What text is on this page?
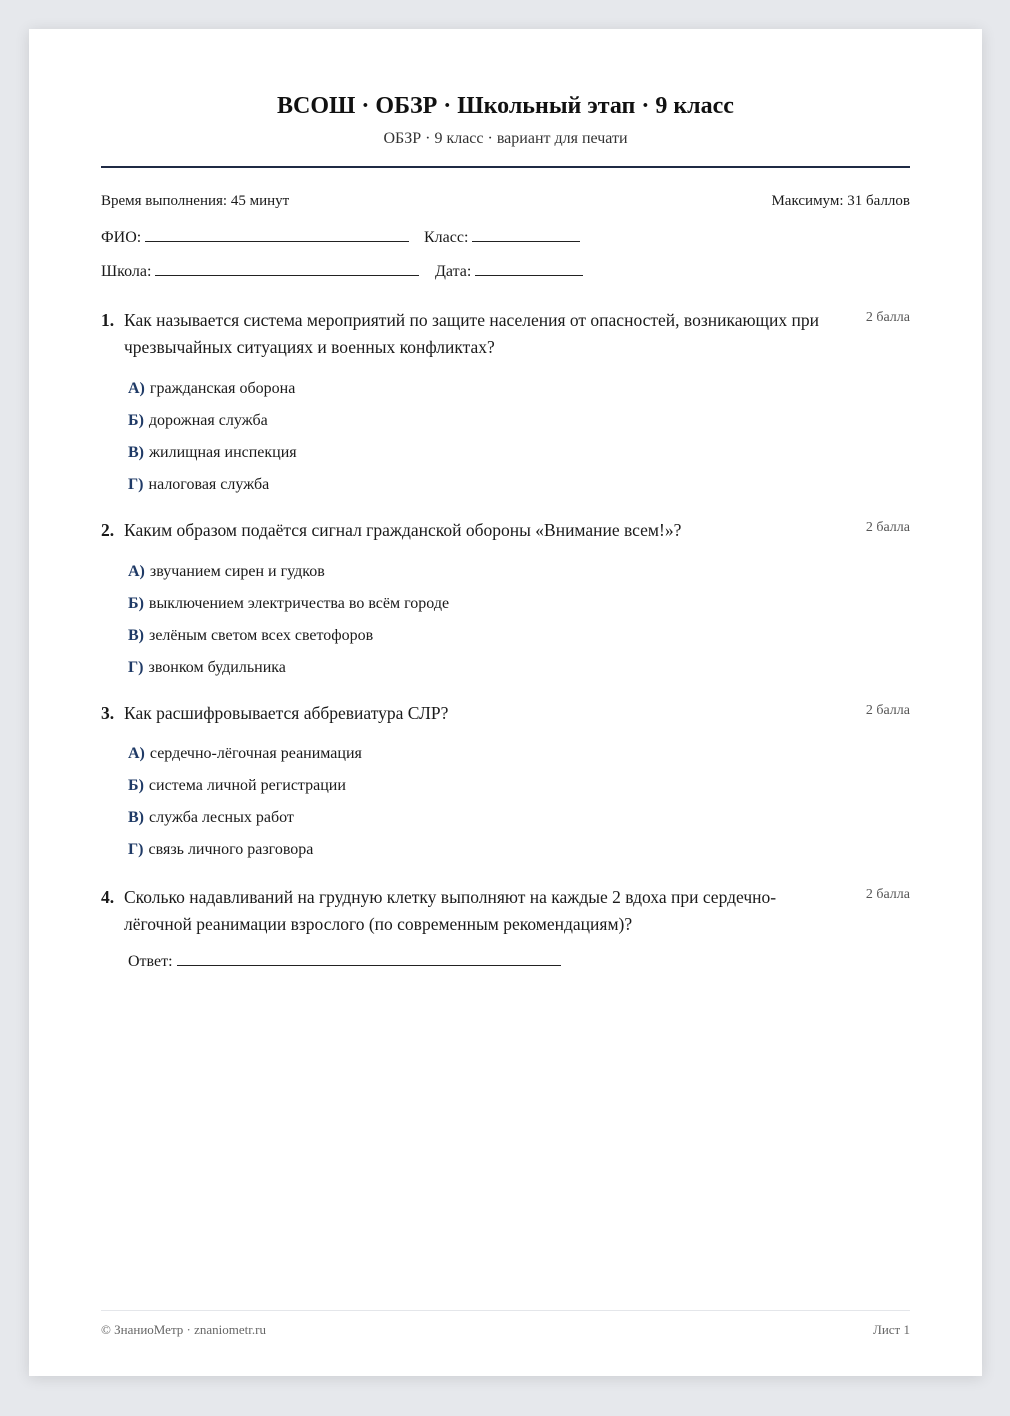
ВСОШ · ОБЗР · Школьный этап · 9 класс
ОБЗР · 9 класс · вариант для печати
Время выполнения: 45 минут	Максимум: 31 баллов
ФИО:	Класс:
Школа:	Дата:
1. Как называется система мероприятий по защите населения от опасностей, возникающих при чрезвычайных ситуациях и военных конфликтах?
2 балла
А) гражданская оборона
Б) дорожная служба
В) жилищная инспекция
Г) налоговая служба
2. Каким образом подаётся сигнал гражданской обороны «Внимание всем!»?	2 балла
А) звучанием сирен и гудков
Б) выключением электричества во всём городе
В) зелёным светом всех светофоров
Г) звонком будильника
3. Как расшифровывается аббревиатура СЛР?	2 балла
А) сердечно-лёгочная реанимация
Б) система личной регистрации
В) служба лесных работ
Г) связь личного разговора
4. Сколько надавливаний на грудную клетку выполняют на каждые 2 вдоха при сердечно-лёгочной реанимации взрослого (по современным рекомендациям)?
2 балла
Ответ:
© ЗнаниоМетр · znaniometr.ru	Лист 1
